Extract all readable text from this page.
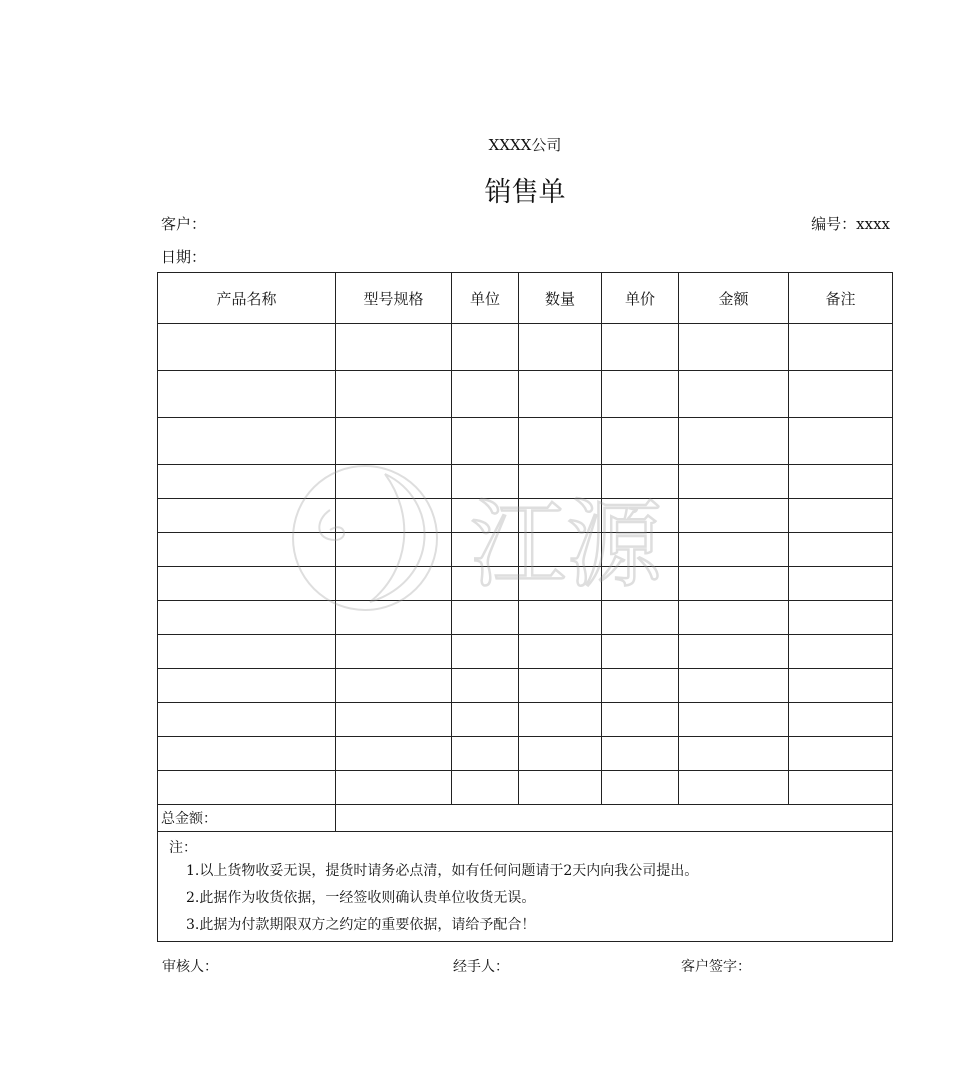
XXXX公司
销售单
客户：
日期：
编号：xxxx
产品名称	型号规格	单位	数量	单价	金额	备注

总金额：						

注：
1.以上货物收妥无误，提货时请务必点清，如有任何问题请于2天内向我公司提出。
2.此据作为收货依据，一经签收则确认贵单位收货无误。
3.此据为付款期限双方之约定的重要依据，请给予配合！						
审核人：	经手人：	客户签字：
江源
